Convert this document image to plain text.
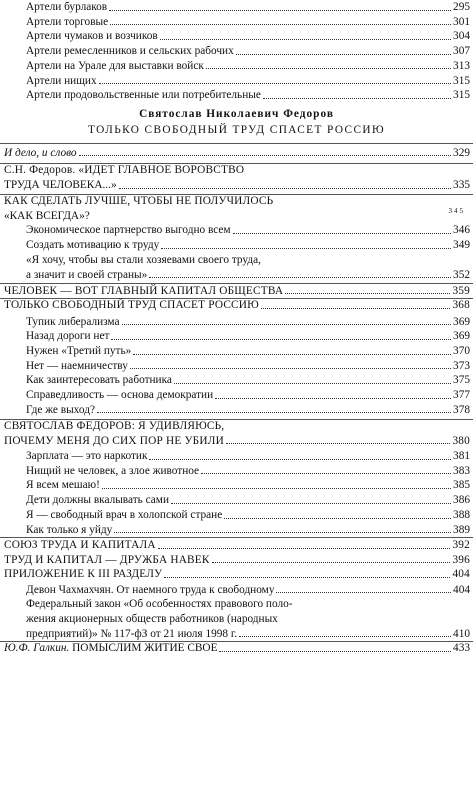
Артели бурлаков	295
Артели торговые	301
Артели чумаков и возчиков	304
Артели ремесленников и сельских рабочих	307
Артели на Урале для выставки войск	313
Артели нищих	315
Артели продовольственные или потребительные	315
Святослав Николаевич Федоров
ТОЛЬКО СВОБОДНЫЙ ТРУД СПАСЕТ РОССИЮ
И дело, и слово	329
С.Н. Федоров. «ИДЕТ ГЛАВНОЕ ВОРОВСТВО
ТРУДА ЧЕЛОВЕКА...»	335
КАК СДЕЛАТЬ ЛУЧШЕ, ЧТОБЫ НЕ ПОЛУЧИЛОСЬ
«КАК ВСЕГДА»?	345
Экономическое партнерство выгодно всем	346
Создать мотивацию к труду	349
«Я хочу, чтобы вы стали хозяевами своего труда,
а значит и своей страны»	352
ЧЕЛОВЕК — ВОТ ГЛАВНЫЙ КАПИТАЛ ОБЩЕСТВА	359
ТОЛЬКО СВОБОДНЫЙ ТРУД СПАСЕТ РОССИЮ	368
Тупик либерализма	369
Назад дороги нет	369
Нужен «Третий путь»	370
Нет — наемничеству	373
Как заинтересовать работника	375
Справедливость — основа демократии	377
Где же выход?	378
СВЯТОСЛАВ ФЕДОРОВ: Я УДИВЛЯЮСЬ,
ПОЧЕМУ МЕНЯ ДО СИХ ПОР НЕ УБИЛИ	380
Зарплата — это наркотик	381
Нищий не человек, а злое животное	383
Я всем мешаю!	385
Дети должны вкалывать сами	386
Я — свободный врач в холопской стране	388
Как только я уйду	389
СОЮЗ ТРУДА И КАПИТАЛА	392
ТРУД И КАПИТАЛ — ДРУЖБА НАВЕК	396
ПРИЛОЖЕНИЕ К III РАЗДЕЛУ	404
Девон Чахмахчян. От наемного труда к свободному	404
Федеральный закон «Об особенностях правового поло-
жения акционерных обществ работников (народных
предприятий)» № 117-фЗ от 21 июля 1998 г.	410
Ю.Ф. Галкин. ПОМЫСЛИМ ЖИТИЕ СВОЕ	433
